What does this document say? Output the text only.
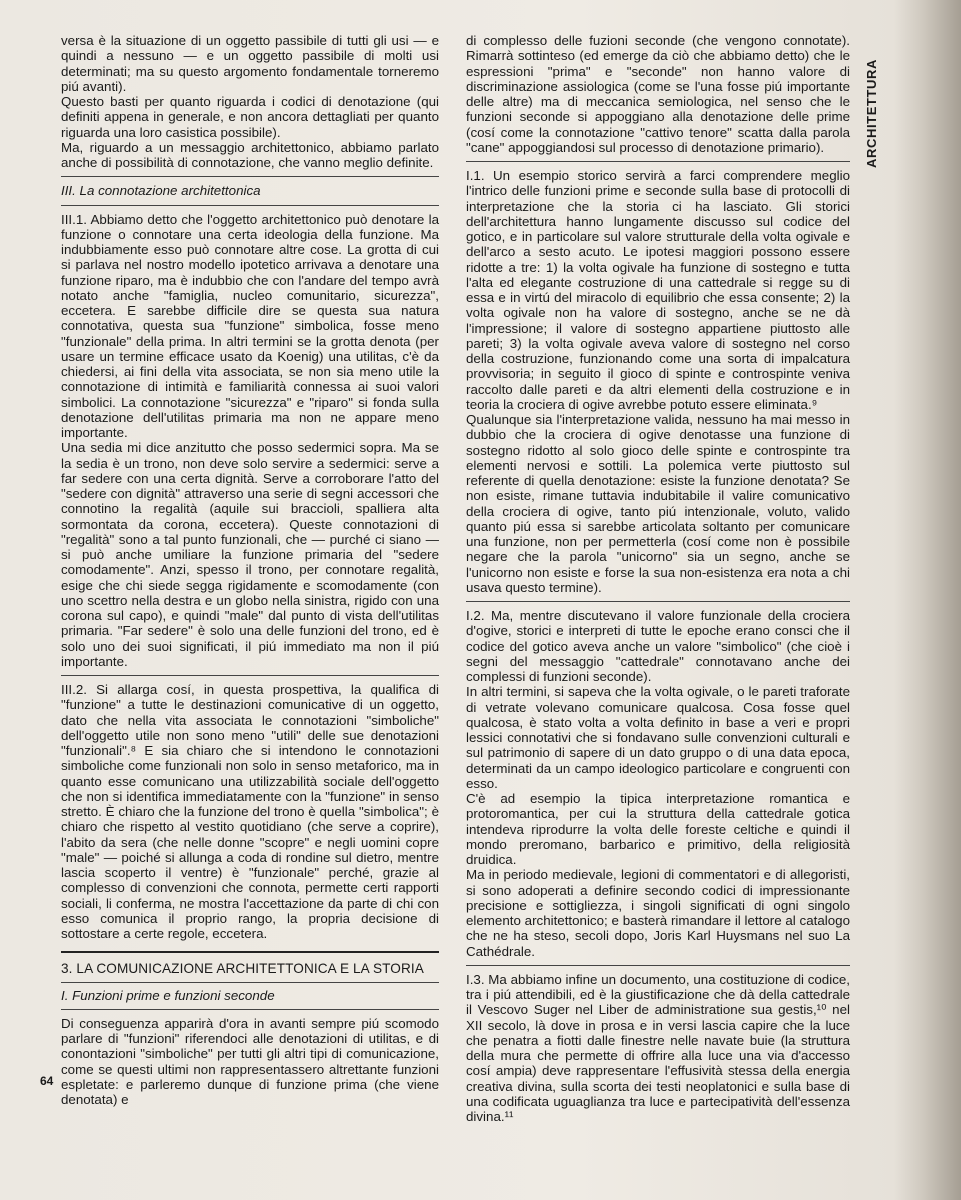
ARCHITETTURA

versa è la situazione di un oggetto passibile di tutti gli usi — e quindi a nessuno — e un oggetto passibile di molti usi determinati; ma su questo argomento fondamentale torneremo piú avanti).

Questo basti per quanto riguarda i codici di denotazione (qui definiti appena in generale, e non ancora dettagliati per quanto riguarda una loro casistica possibile).

Ma, riguardo a un messaggio architettonico, abbiamo parlato anche di possibilità di connotazione, che vanno meglio definite.

III. La connotazione architettonica

III.1. Abbiamo detto che l'oggetto architettonico può denotare la funzione o connotare una certa ideologia della funzione. Ma indubbiamente esso può connotare altre cose. La grotta di cui si parlava nel nostro modello ipotetico arrivava a denotare una funzione riparo, ma è indubbio che con l'andare del tempo avrà notato anche "famiglia, nucleo comunitario, sicurezza", eccetera. E sarebbe difficile dire se questa sua natura connotativa, questa sua "funzione" simbolica, fosse meno "funzionale" della prima. In altri termini se la grotta denota (per usare un termine efficace usato da Koenig) una utilitas, c'è da chiedersi, ai fini della vita associata, se non sia meno utile la connotazione di intimità e familiarità connessa ai suoi valori simbolici. La connotazione "sicurezza" e "riparo" si fonda sulla denotazione dell'utilitas primaria ma non ne appare meno importante.

Una sedia mi dice anzitutto che posso sedermici sopra. Ma se la sedia è un trono, non deve solo servire a sedermici: serve a far sedere con una certa dignità. Serve a corroborare l'atto del "sedere con dignità" attraverso una serie di segni accessori che connotino la regalità (aquile sui braccioli, spalliera alta sormontata da corona, eccetera). Queste connotazioni di "regalità" sono a tal punto funzionali, che — purché ci siano — si può anche umiliare la funzione primaria del "sedere comodamente". Anzi, spesso il trono, per connotare regalità, esige che chi siede segga rigidamente e scomodamente (con uno scettro nella destra e un globo nella sinistra, rigido con una corona sul capo), e quindi "male" dal punto di vista dell'utilitas primaria. "Far sedere" è solo una delle funzioni del trono, ed è solo uno dei suoi significati, il piú immediato ma non il piú importante.

III.2. Si allarga cosí, in questa prospettiva, la qualifica di "funzione" a tutte le destinazioni comunicative di un oggetto, dato che nella vita associata le connotazioni "simboliche" dell'oggetto utile non sono meno "utili" delle sue denotazioni "funzionali".⁸ E sia chiaro che si intendono le connotazioni simboliche come funzionali non solo in senso metaforico, ma in quanto esse comunicano una utilizzabilità sociale dell'oggetto che non si identifica immediatamente con la "funzione" in senso stretto. È chiaro che la funzione del trono è quella "simbolica"; è chiaro che rispetto al vestito quotidiano (che serve a coprire), l'abito da sera (che nelle donne "scopre" e negli uomini copre "male" — poiché si allunga a coda di rondine sul dietro, mentre lascia scoperto il ventre) è "funzionale" perché, grazie al complesso di convenzioni che connota, permette certi rapporti sociali, li conferma, ne mostra l'accettazione da parte di chi con esso comunica il proprio rango, la propria decisione di sottostare a certe regole, eccetera.

3. LA COMUNICAZIONE ARCHITETTONICA E LA STORIA

I. Funzioni prime e funzioni seconde

Di conseguenza apparirà d'ora in avanti sempre piú scomodo parlare di "funzioni" riferendoci alle denotazioni di utilitas, e di conontazioni "simboliche" per tutti gli altri tipi di comunicazione, come se questi ultimi non rappresentassero altrettante funzioni espletate: e parleremo dunque di funzione prima (che viene denotata) e

di complesso delle fuzioni seconde (che vengono connotate). Rimarrà sottinteso (ed emerge da ciò che abbiamo detto) che le espressioni "prima" e "seconde" non hanno valore di discriminazione assiologica (come se l'una fosse piú importante delle altre) ma di meccanica semiologica, nel senso che le funzioni seconde si appoggiano alla denotazione delle prime (cosí come la connotazione "cattivo tenore" scatta dalla parola "cane" appoggiandosi sul processo di denotazione primario).

I.1. Un esempio storico servirà a farci comprendere meglio l'intrico delle funzioni prime e seconde sulla base di protocolli di interpretazione che la storia ci ha lasciato. Gli storici dell'architettura hanno lungamente discusso sul codice del gotico, e in particolare sul valore strutturale della volta ogivale e dell'arco a sesto acuto. Le ipotesi maggiori possono essere ridotte a tre: 1) la volta ogivale ha funzione di sostegno e tutta l'alta ed elegante costruzione di una cattedrale si regge su di essa e in virtú del miracolo di equilibrio che essa consente; 2) la volta ogivale non ha valore di sostegno, anche se ne dà l'impressione; il valore di sostegno appartiene piuttosto alle pareti; 3) la volta ogivale aveva valore di sostegno nel corso della costruzione, funzionando come una sorta di impalcatura provvisoria; in seguito il gioco di spinte e controspinte veniva raccolto dalle pareti e da altri elementi della costruzione e in teoria la crociera di ogive avrebbe potuto essere eliminata.⁹

Qualunque sia l'interpretazione valida, nessuno ha mai messo in dubbio che la crociera di ogive denotasse una funzione di sostegno ridotto al solo gioco delle spinte e controspinte tra elementi nervosi e sottili. La polemica verte piuttosto sul referente di quella denotazione: esiste la funzione denotata? Se non esiste, rimane tuttavia indubitabile il valire comunicativo della crociera di ogive, tanto piú intenzionale, voluto, valido quanto piú essa si sarebbe articolata soltanto per comunicare una funzione, non per permetterla (cosí come non è possibile negare che la parola "unicorno" sia un segno, anche se l'unicorno non esiste e forse la sua non-esistenza era nota a chi usava questo termine).

I.2. Ma, mentre discutevano il valore funzionale della crociera d'ogive, storici e interpreti di tutte le epoche erano consci che il codice del gotico aveva anche un valore "simbolico" (che cioè i segni del messaggio "cattedrale" connotavano anche dei complessi di funzioni seconde).

In altri termini, si sapeva che la volta ogivale, o le pareti traforate di vetrate volevano comunicare qualcosa. Cosa fosse quel qualcosa, è stato volta a volta definito in base a veri e propri lessici connotativi che si fondavano sulle convenzioni culturali e sul patrimonio di sapere di un dato gruppo o di una data epoca, determinati da un campo ideologico particolare e congruenti con esso.

C'è ad esempio la tipica interpretazione romantica e protoromantica, per cui la struttura della cattedrale gotica intendeva riprodurre la volta delle foreste celtiche e quindi il mondo preromano, barbarico e primitivo, della religiosità druidica.

Ma in periodo medievale, legioni di commentatori e di allegoristi, si sono adoperati a definire secondo codici di impressionante precisione e sottigliezza, i singoli significati di ogni singolo elemento architettonico; e basterà rimandare il lettore al catalogo che ne ha steso, secoli dopo, Joris Karl Huysmans nel suo La Cathédrale.

I.3. Ma abbiamo infine un documento, una costituzione di codice, tra i piú attendibili, ed è la giustificazione che dà della cattedrale il Vescovo Suger nel Liber de administratione sua gestis,¹⁰ nel XII secolo, là dove in prosa e in versi lascia capire che la luce che penatra a fiotti dalle finestre nelle navate buie (la struttura della mura che permette di offrire alla luce una via d'accesso cosí ampia) deve rappresentare l'effusività stessa della energia creativa divina, sulla scorta dei testi neoplatonici e sulla base di una codificata uguaglianza tra luce e partecipatività dell'essenza divina.¹¹

64
